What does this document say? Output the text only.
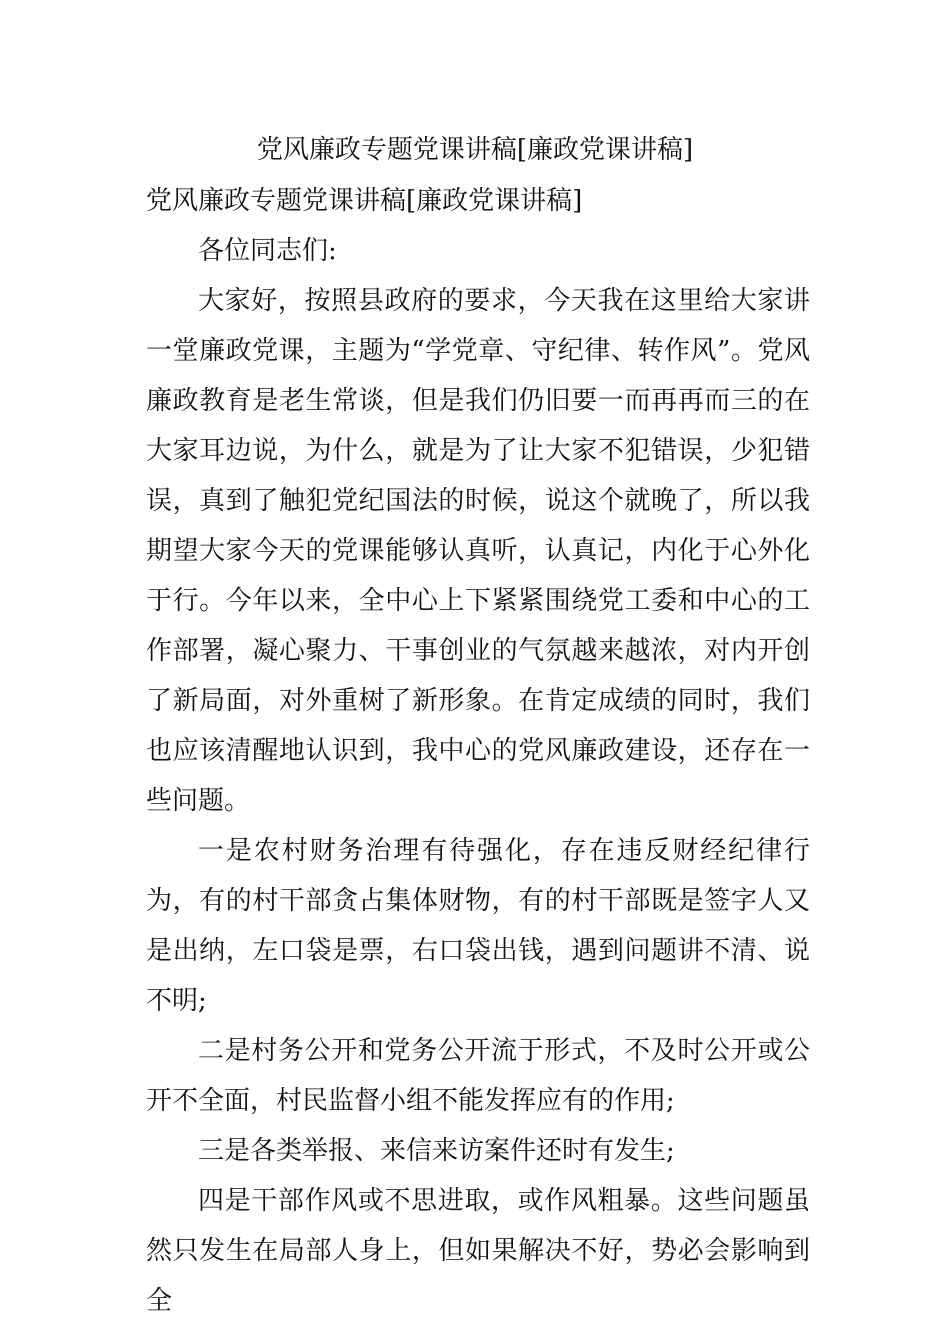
党风廉政专题党课讲稿[廉政党课讲稿]

党风廉政专题党课讲稿[廉政党课讲稿]

各位同志们:

大家好，按照县政府的要求，今天我在这里给大家讲一堂廉政党课，主题为“学党章、守纪律、转作风”。党风廉政教育是老生常谈，但是我们仍旧要一而再再而三的在大家耳边说，为什么，就是为了让大家不犯错误，少犯错误，真到了触犯党纪国法的时候，说这个就晚了，所以我期望大家今天的党课能够认真听，认真记，内化于心外化于行。今年以来，全中心上下紧紧围绕党工委和中心的工作部署，凝心聚力、干事创业的气氛越来越浓，对内开创了新局面，对外重树了新形象。在肯定成绩的同时，我们也应该清醒地认识到，我中心的党风廉政建设，还存在一些问题。

一是农村财务治理有待强化，存在违反财经纪律行为，有的村干部贪占集体财物，有的村干部既是签字人又是出纳，左口袋是票，右口袋出钱，遇到问题讲不清、说不明;

二是村务公开和党务公开流于形式，不及时公开或公开不全面，村民监督小组不能发挥应有的作用;

三是各类举报、来信来访案件还时有发生;

四是干部作风或不思进取，或作风粗暴。这些问题虽然只发生在局部人身上，但如果解决不好，势必会影响到全
